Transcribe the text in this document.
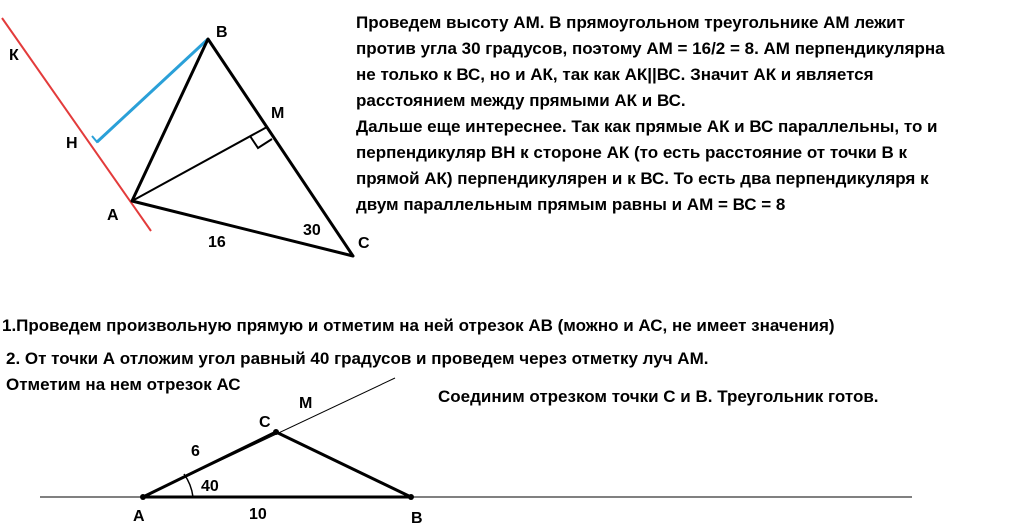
К
В
М
Н
А
С
16
30
М
С
6
40
А	10	В
Проведем высоту АМ. В прямоугольном треугольнике АМ лежит
против угла 30 градусов, поэтому АМ = 16/2 = 8. АМ перпендикулярна
не только к ВС, но и АК, так как АК||ВС. Значит АК и является
расстоянием между прямыми АК и ВС.
Дальше еще интереснее. Так как прямые АК и ВС параллельны, то и
перпендикуляр ВН к стороне АК (то есть расстояние от точки В к
прямой АК) перпендикулярен и к ВС. То есть два перпендикуляря к
двум параллельным прямым равны и АМ = ВС = 8
1.Проведем произвольную прямую и отметим на ней отрезок АВ (можно и АС, не имеет значения)
2. От точки А отложим угол равный 40 градусов и проведем через отметку луч АМ.
Отметим на нем отрезок АС
Соединим отрезком точки С и В. Треугольник готов.
